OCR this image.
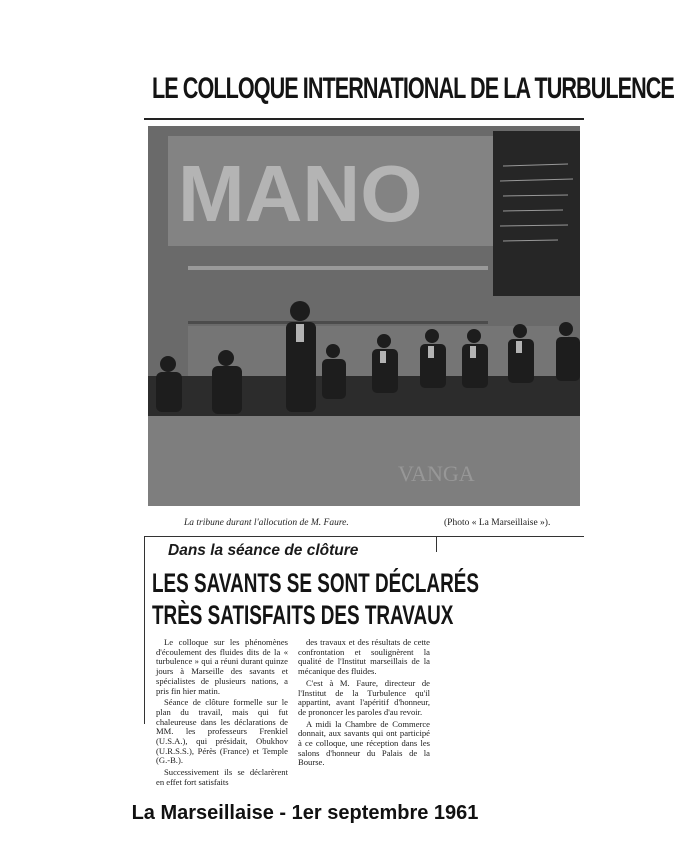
LE COLLOQUE INTERNATIONAL DE LA TURBULENCE
MANO
VANGA
La tribune durant l'allocution de M. Faure.	(Photo « La Marseillaise »).
Dans la séance de clôture
LES SAVANTS SE SONT DÉCLARÉS
TRÈS SATISFAITS DES TRAVAUX

Le colloque sur les phénomènes d'écoulement des fluides dits de la « turbulence » qui a réuni durant quinze jours à Marseille des savants et spécialistes de plusieurs nations, a pris fin hier matin.

Séance de clôture formelle sur le plan du travail, mais qui fut chaleureuse dans les déclarations de MM. les professeurs Frenkiel (U.S.A.), qui présidait, Obukhov (U.R.S.S.), Pérès (France) et Temple (G.-B.).

Successivement ils se déclarèrent en effet fort satisfaits

des travaux et des résultats de cette confrontation et soulignèrent la qualité de l'Institut marseillais de la mécanique des fluides.

C'est à M. Faure, directeur de l'Institut de la Turbulence qu'il appartint, avant l'apéritif d'honneur, de prononcer les paroles d'au revoir.

A midi la Chambre de Commerce donnait, aux savants qui ont participé à ce colloque, une réception dans les salons d'honneur du Palais de la Bourse.

La Marseillaise - 1er septembre 1961
